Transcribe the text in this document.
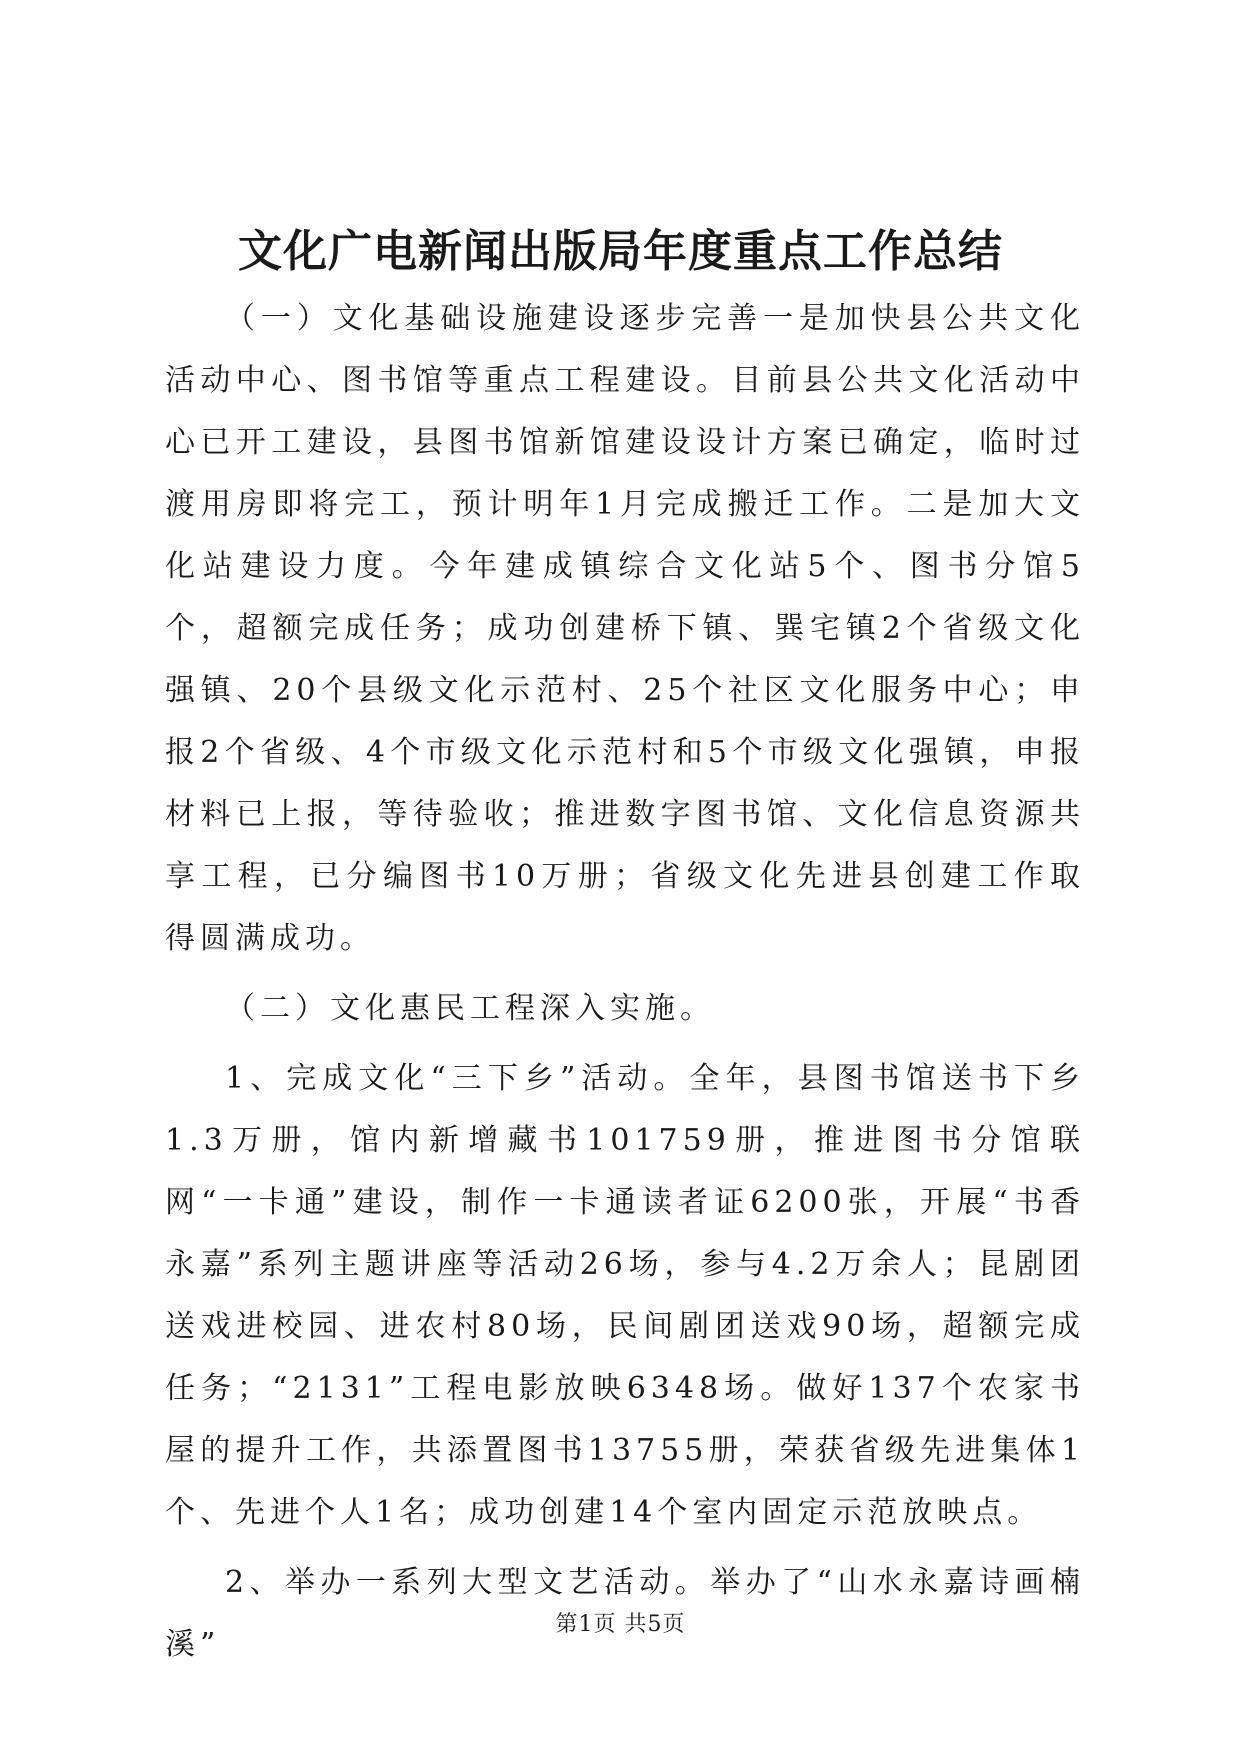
文化广电新闻出版局年度重点工作总结

（一）文化基础设施建设逐步完善一是加快县公共文化活动中心、图书馆等重点工程建设。目前县公共文化活动中心已开工建设，县图书馆新馆建设设计方案已确定，临时过渡用房即将完工，预计明年1月完成搬迁工作。二是加大文化站建设力度。今年建成镇综合文化站5个、图书分馆5个，超额完成任务；成功创建桥下镇、巽宅镇2个省级文化强镇、20个县级文化示范村、25个社区文化服务中心；申报2个省级、4个市级文化示范村和5个市级文化强镇，申报材料已上报，等待验收；推进数字图书馆、文化信息资源共享工程，已分编图书10万册；省级文化先进县创建工作取得圆满成功。

（二）文化惠民工程深入实施。

1、完成文化“三下乡”活动。全年，县图书馆送书下乡1.3万册，馆内新增藏书101759册，推进图书分馆联网“一卡通”建设，制作一卡通读者证6200张，开展“书香永嘉”系列主题讲座等活动26场，参与4.2万余人；昆剧团送戏进校园、进农村80场，民间剧团送戏90场，超额完成任务；“2131”工程电影放映6348场。做好137个农家书屋的提升工作，共添置图书13755册，荣获省级先进集体1个、先进个人1名；成功创建14个室内固定示范放映点。

2、举办一系列大型文艺活动。举办了“山水永嘉诗画楠溪”

第1页 共5页
